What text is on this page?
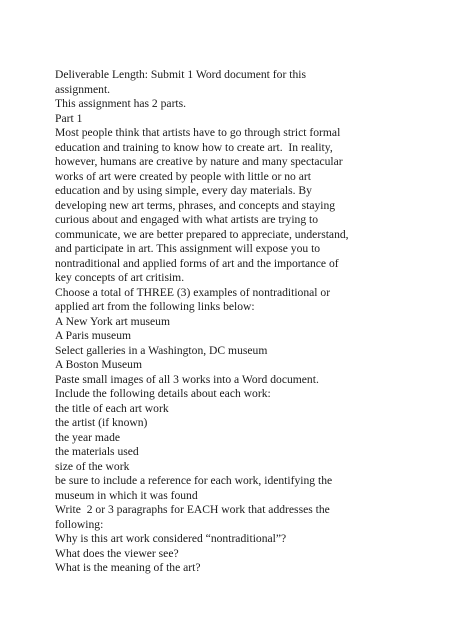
Deliverable Length: Submit 1 Word document for this
assignment.
This assignment has 2 parts.
Part 1
Most people think that artists have to go through strict formal
education and training to know how to create art.  In reality,
however, humans are creative by nature and many spectacular
works of art were created by people with little or no art
education and by using simple, every day materials. By
developing new art terms, phrases, and concepts and staying
curious about and engaged with what artists are trying to
communicate, we are better prepared to appreciate, understand,
and participate in art. This assignment will expose you to
nontraditional and applied forms of art and the importance of
key concepts of art critisim.
Choose a total of THREE (3) examples of nontraditional or
applied art from the following links below:
A New York art museum
A Paris museum
Select galleries in a Washington, DC museum
A Boston Museum
Paste small images of all 3 works into a Word document.
Include the following details about each work:
the title of each art work
the artist (if known)
the year made
the materials used
size of the work
be sure to include a reference for each work, identifying the
museum in which it was found
Write  2 or 3 paragraphs for EACH work that addresses the
following:
Why is this art work considered “nontraditional”?
What does the viewer see?
What is the meaning of the art?
